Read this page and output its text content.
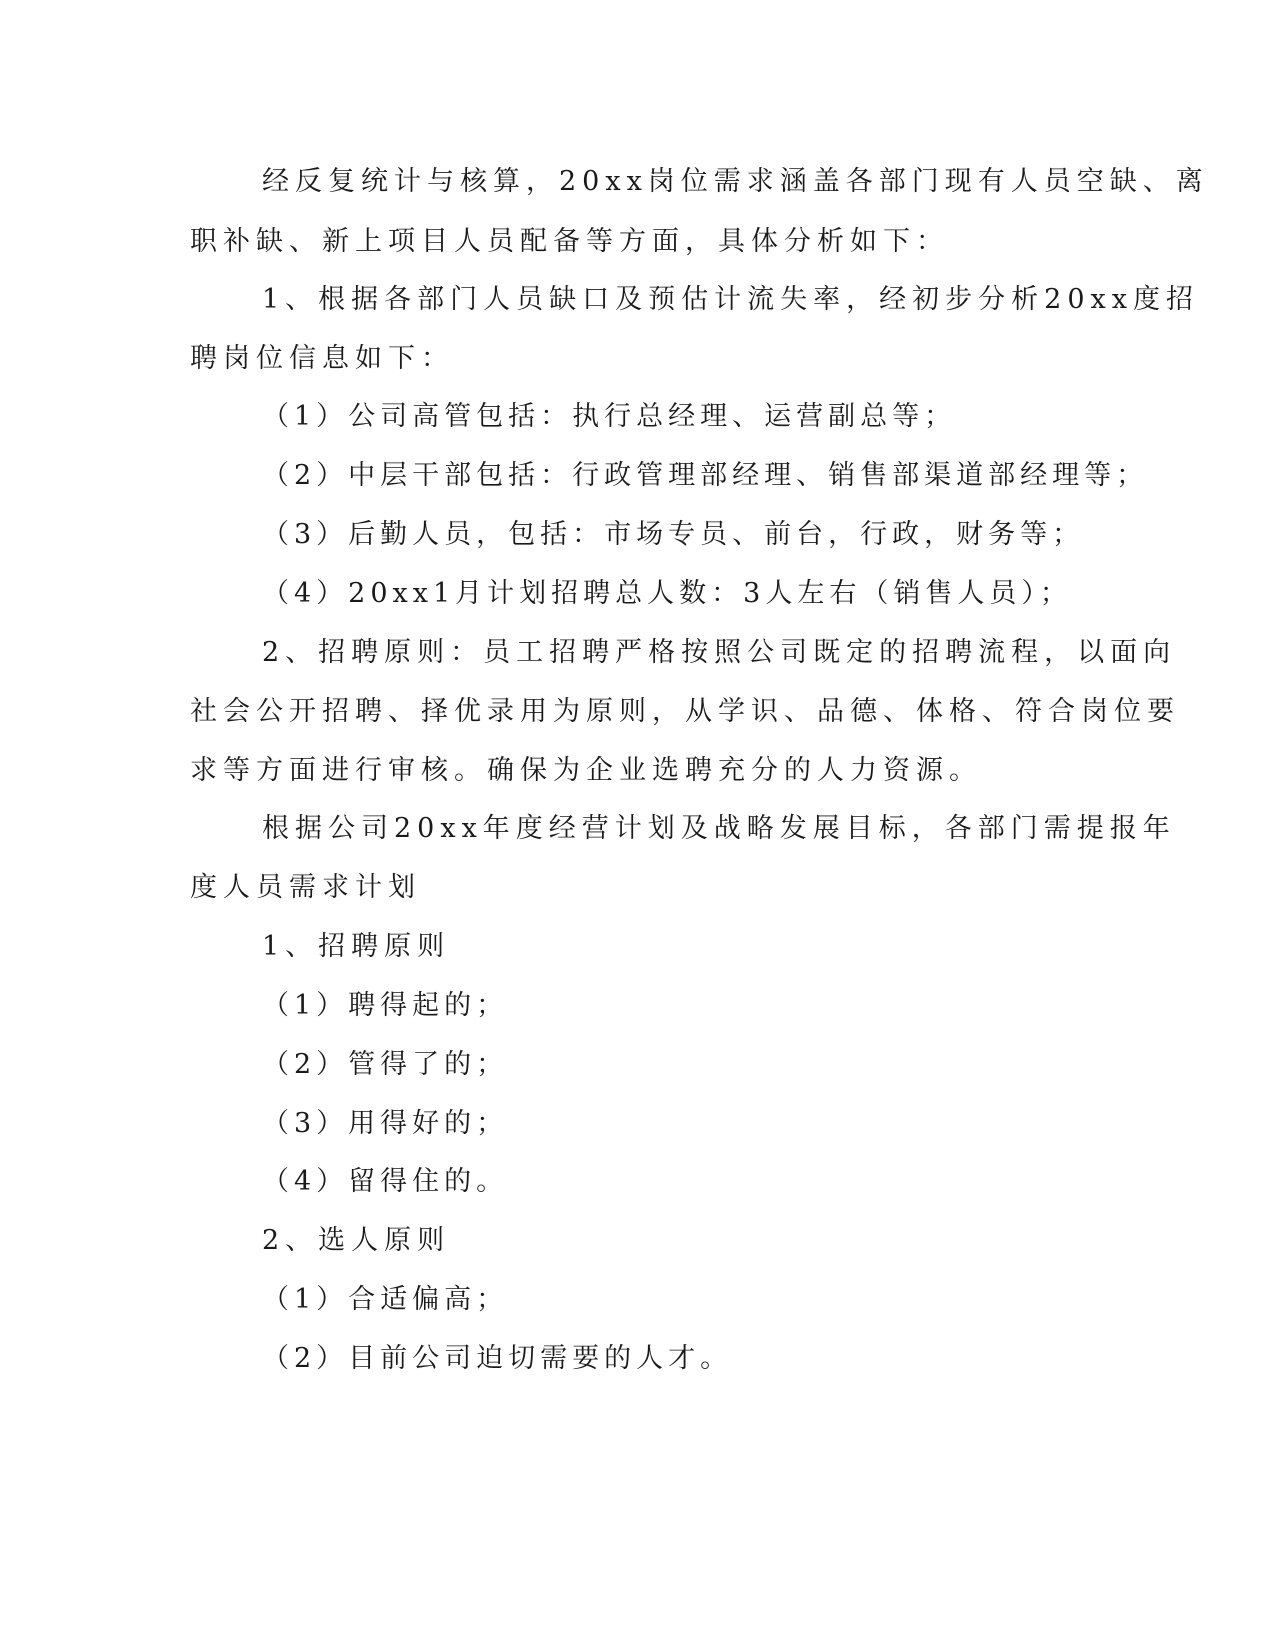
经反复统计与核算，20xx岗位需求涵盖各部门现有人员空缺、离
职补缺、新上项目人员配备等方面，具体分析如下：
1、根据各部门人员缺口及预估计流失率，经初步分析20xx度招
聘岗位信息如下：
（1）公司高管包括：执行总经理、运营副总等；
（2）中层干部包括：行政管理部经理、销售部渠道部经理等；
（3）后勤人员，包括：市场专员、前台，行政，财务等；
（4）20xx1月计划招聘总人数：3人左右（销售人员）；
2、招聘原则：员工招聘严格按照公司既定的招聘流程，以面向
社会公开招聘、择优录用为原则，从学识、品德、体格、符合岗位要
求等方面进行审核。确保为企业选聘充分的人力资源。
根据公司20xx年度经营计划及战略发展目标，各部门需提报年
度人员需求计划
1、招聘原则
（1）聘得起的；
（2）管得了的；
（3）用得好的；
（4）留得住的。
2、选人原则
（1）合适偏高；
（2）目前公司迫切需要的人才。
